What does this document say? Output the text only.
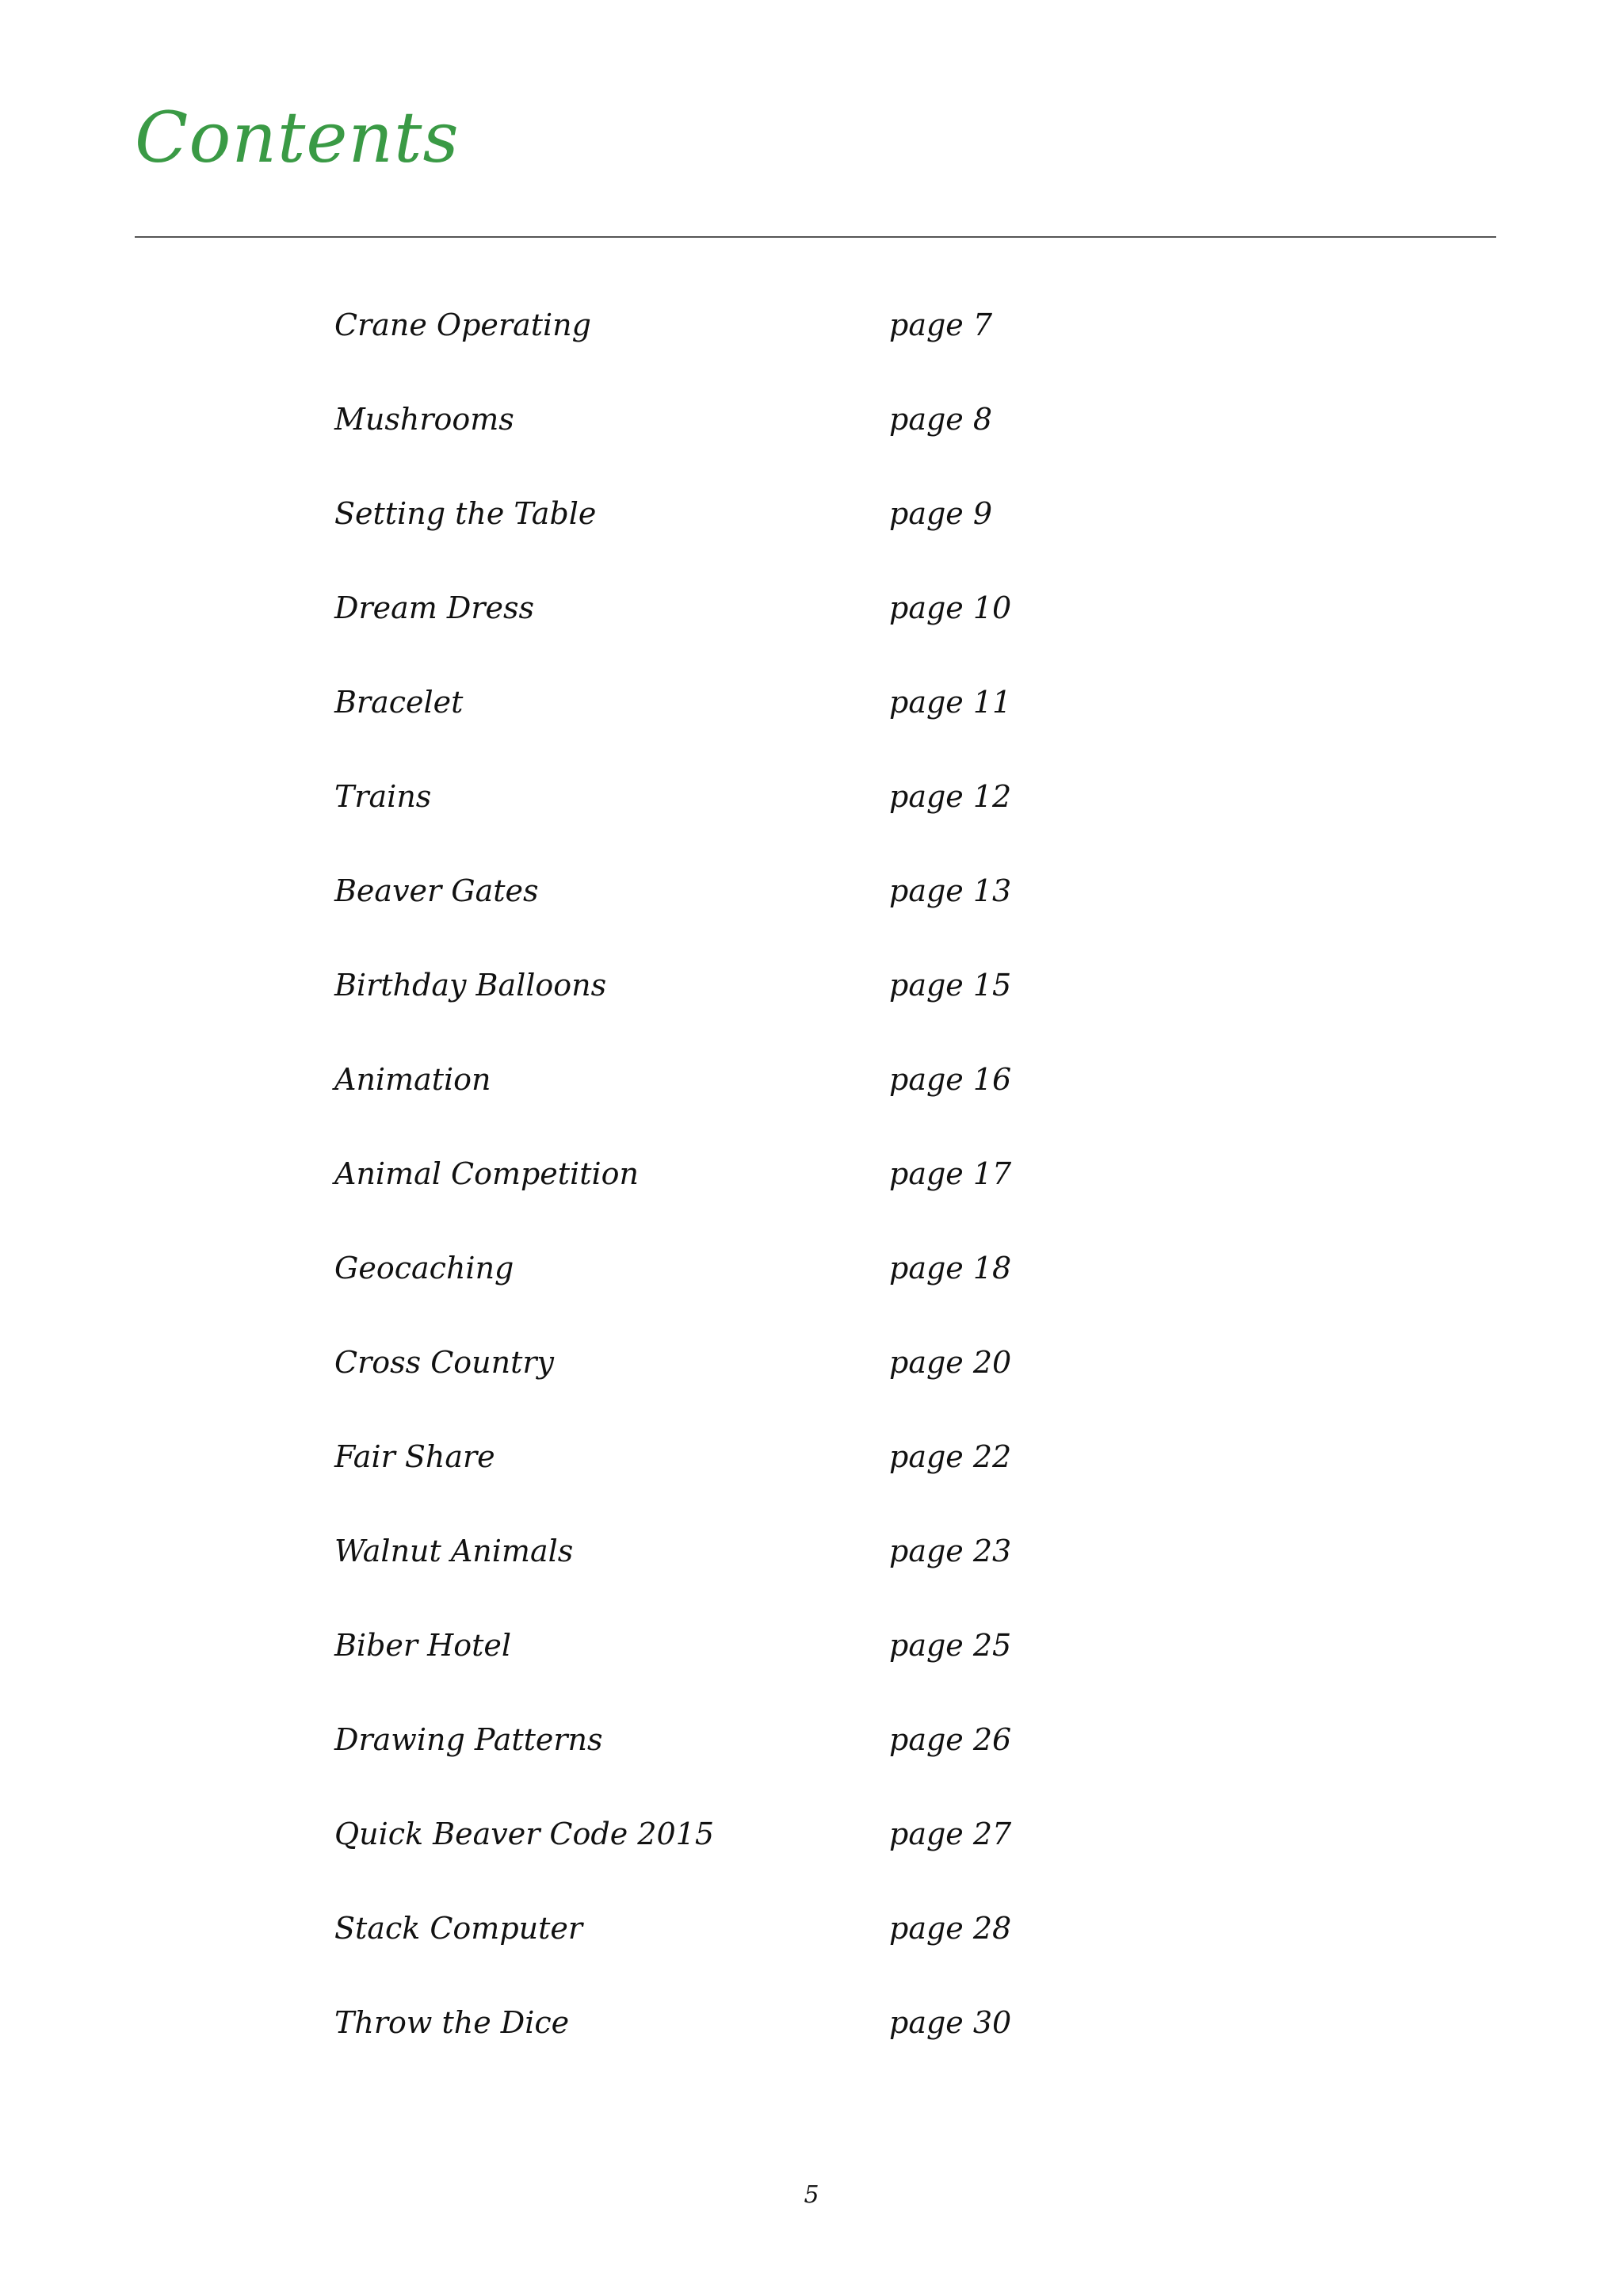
Contents
Crane Operating	page 7
Mushrooms	page 8
Setting the Table	page 9
Dream Dress	page 10
Bracelet	page 11
Trains	page 12
Beaver Gates	page 13
Birthday Balloons	page 15
Animation	page 16
Animal Competition	page 17
Geocaching	page 18
Cross Country	page 20
Fair Share	page 22
Walnut Animals	page 23
Biber Hotel	page 25
Drawing Patterns	page 26
Quick Beaver Code 2015	page 27
Stack Computer	page 28
Throw the Dice	page 30
5
